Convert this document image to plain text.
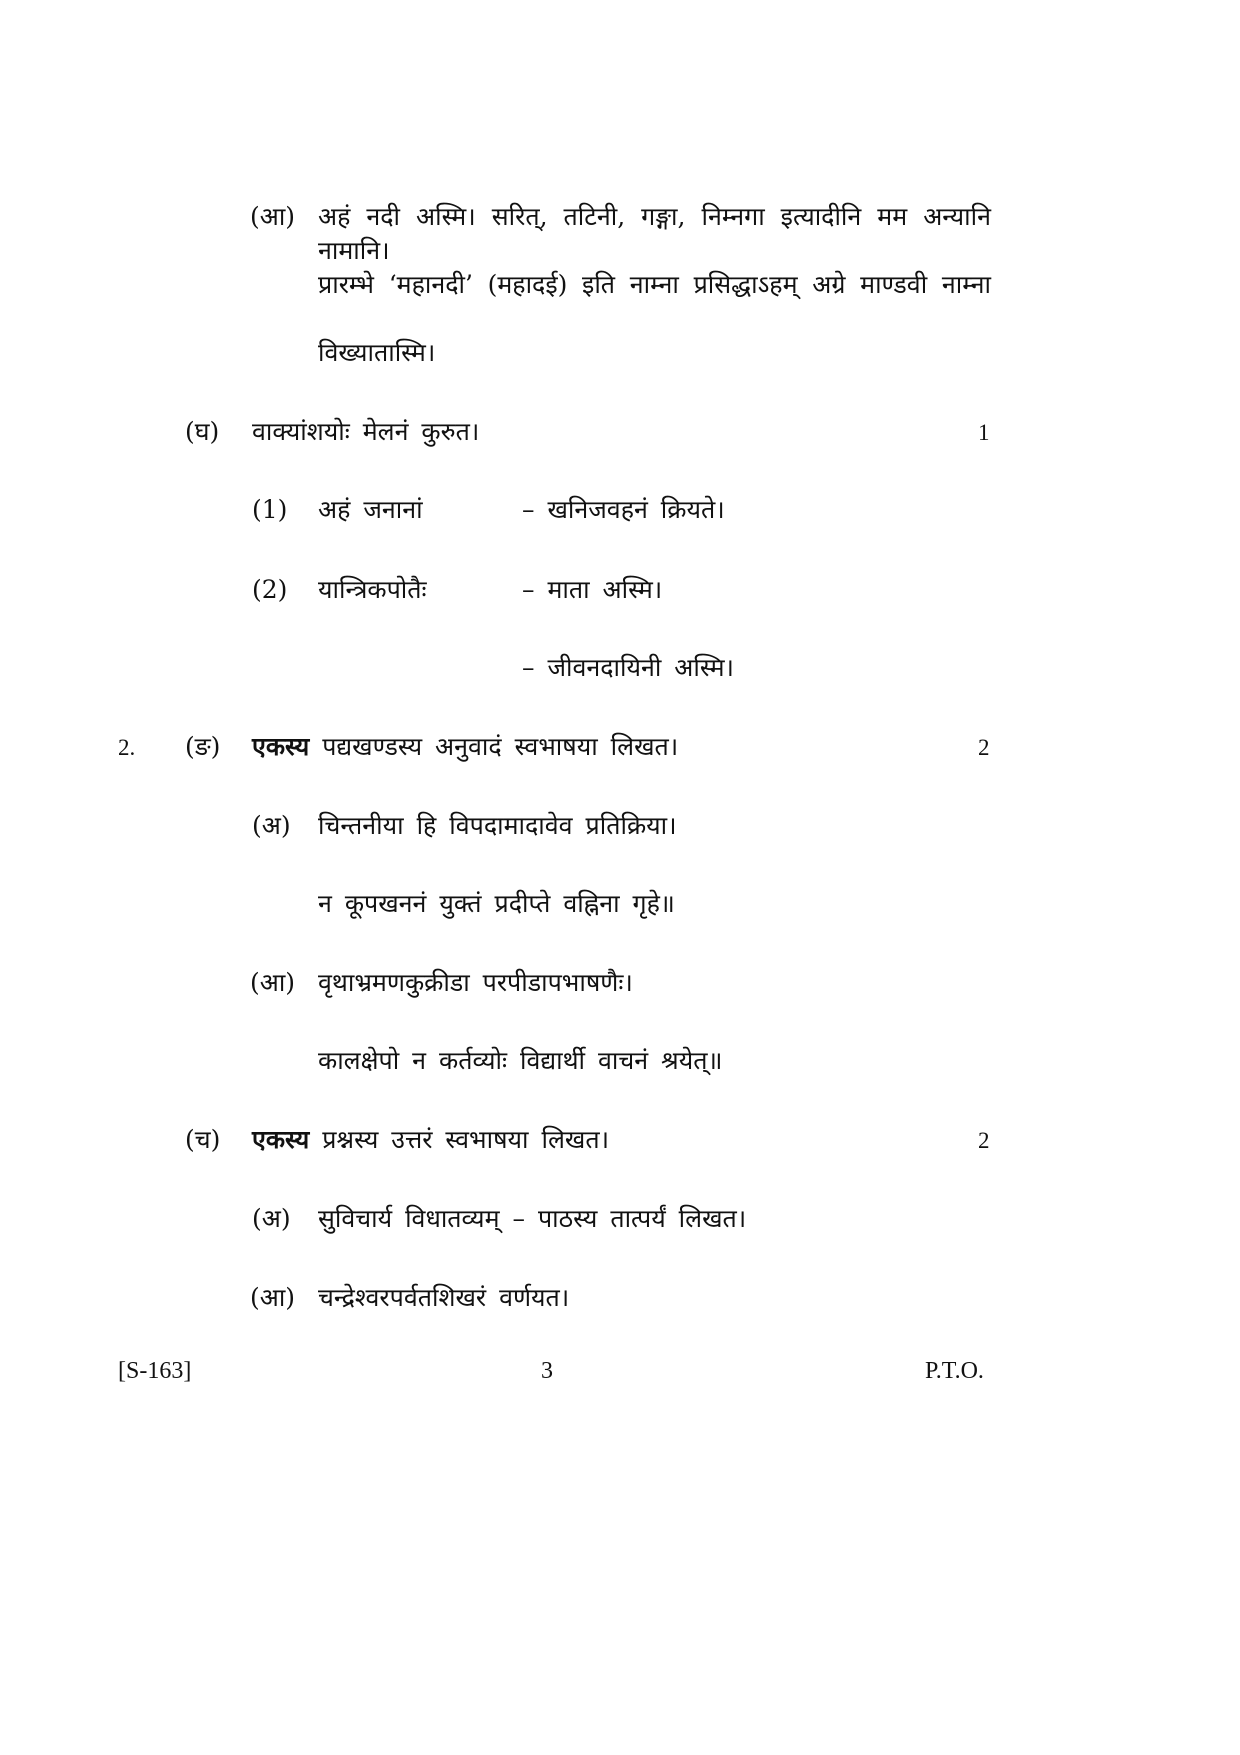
(आ) अहं नदी अस्मि। सरित्, तटिनी, गङ्गा, निम्नगा इत्यादीनि मम अन्यानि नामानि।
प्रारम्भे ‘महानदी’ (महादई) इति नाम्ना प्रसिद्धाऽहम् अग्रे माण्डवी नाम्ना
विख्यातास्मि।
(घ) वाक्यांशयोः मेलनं कुरुत।	1
(1) अहं जनानां	– खनिजवहनं क्रियते।
(2) यान्त्रिकपोतैः	– माता अस्मि।
– जीवनदायिनी अस्मि।
2. (ङ) एकस्य पद्यखण्डस्य अनुवादं स्वभाषया लिखत।	2
(अ) चिन्तनीया हि विपदामादावेव प्रतिक्रिया।
न कूपखननं युक्तं प्रदीप्ते वह्निना गृहे॥
(आ) वृथाभ्रमणकुक्रीडा परपीडापभाषणैः।
कालक्षेपो न कर्तव्योः विद्यार्थी वाचनं श्रयेत्॥
(च) एकस्य प्रश्नस्य उत्तरं स्वभाषया लिखत।	2
(अ) सुविचार्य विधातव्यम् – पाठस्य तात्पर्यं लिखत।
(आ) चन्द्रेश्वरपर्वतशिखरं वर्णयत।
[S-163]	3	P.T.O.
